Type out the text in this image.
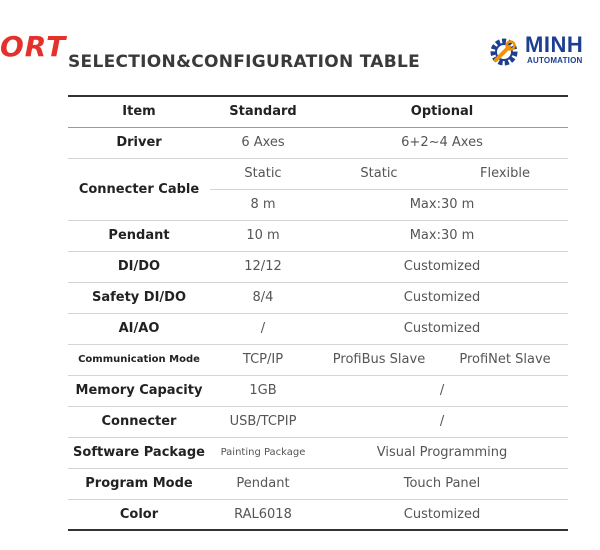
ORT SELECTION&CONFIGURATION TABLE
MINH
AUTOMATION
Item	Standard	Optional	
Driver	6 Axes	6+2~4 Axes	
Connecter Cable	Static	Static	Flexible
	8 m	Max:30 m	
Pendant	10 m	Max:30 m	
DI/DO	12/12	Customized	
Safety DI/DO	8/4	Customized	
AI/AO	/	Customized	
Communication Mode	TCP/IP	ProfiBus Slave	ProfiNet Slave
Memory Capacity	1GB	/	
Connecter	USB/TCPIP	/	
Software Package	Painting Package	Visual Programming	
Program Mode	Pendant	Touch Panel	
Color	RAL6018	Customized	
